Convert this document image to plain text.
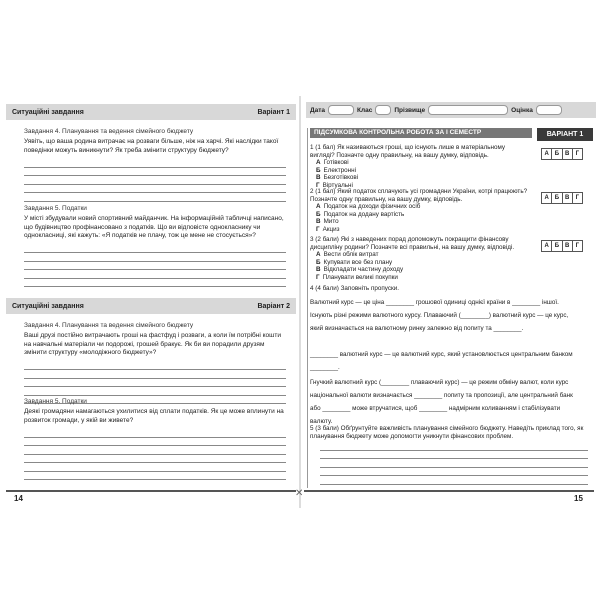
Ситуаційні завдання	Варіант 1
Завдання 4. Планування та ведення сімейного бюджету
Уявіть, що ваша родина витрачає на розваги більше, ніж на харчі. Які наслідки такої поведінки можуть виникнути? Як треба змінити структуру бюджету?
Завдання 5. Податки
У місті збудували новий спортивний майданчик. На інформаційній табличці написано, що будівництво профінансовано з податків. Що ви відповісте однокласнику чи однокласниці, які кажуть: «Я податків не плачу, тож це мене не стосується»?
Ситуаційні завдання	Варіант 2
Завдання 4. Планування та ведення сімейного бюджету
Ваші друзі постійно витрачають гроші на фастфуд і розваги, а коли їм потрібні кошти на навчальні матеріали чи подорожі, грошей бракує. Як би ви порадили друзям змінити структуру «молодіжного бюджету»?
Завдання 5. Податки
Деякі громадяни намагаються ухилитися від сплати податків. Як це може вплинути на розвиток громади, у якій ви живете?
14	✕
Дата	Клас	Прізвище	Оцінка
ПІДСУМКОВА КОНТРОЛЬНА РОБОТА ЗА І СЕМЕСТР	ВАРІАНТ 1
1 (1 бал) Як називаються гроші, що існують лише в матеріальному вигляді? Позначте одну правильну, на вашу думку, відповідь.
А Готівкові
Б Електронні
В Безготівкові
Г Віртуальні
А Б В	Г
2 (1 бал) Який податок сплачують усі громадяни України, котрі працюють? Позначте одну правильну, на вашу думку, відповідь.
А Податок на доходи фізичних осіб
Б Податок на додану вартість
В Мито
Г Акциз
А Б В	Г
3 (2 бали) Які з наведених порад допоможуть покращити фінансову дисципліну родини? Позначте всі правильні, на вашу думку, відповіді.
А Вести облік витрат
Б Купувати все без плану
В Відкладати частину доходу
Г Планувати великі покупки
А Б В	Г
4 (4 бали) Заповніть пропуски.
Валютний курс — це ціна ________ грошової одиниці однієї країни в ________ іншої. Існують різні режими валютного курсу. Плаваючий (________) валютний курс — це курс, який визначається на валютному ринку залежно від попиту та ________.
________ валютний курс — це валютний курс, який установлюється центральним банком ________.
Гнучкий валютний курс (________ плаваючий курс) — це режим обміну валют, коли курс національної валюти визначається ________ попиту та пропозиції, але центральний банк або ________ може втручатися, щоб ________ надмірним коливанням і стабілізувати валюту.
5 (3 бали) Обґрунтуйте важливість планування сімейного бюджету. Наведіть приклад того, як планування бюджету може допомогти уникнути фінансових проблем.
15
